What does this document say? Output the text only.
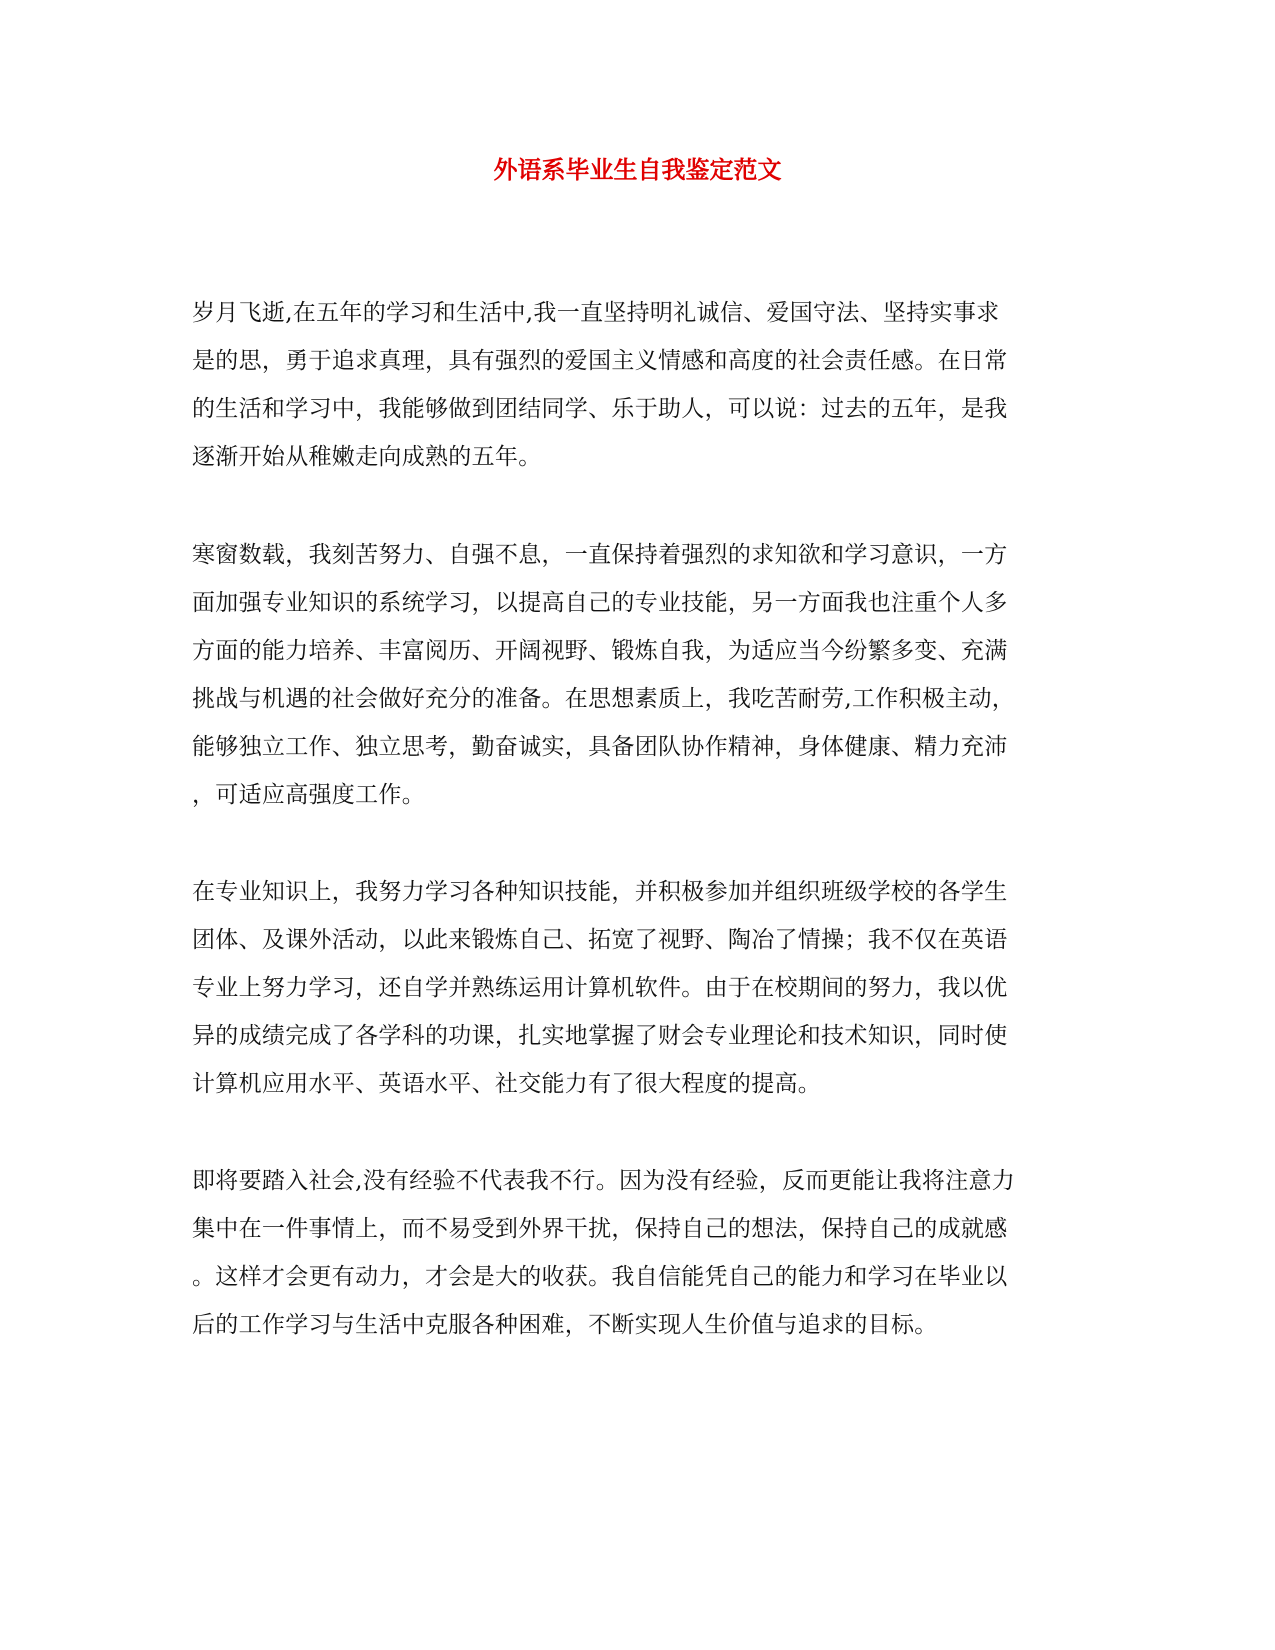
外语系毕业生自我鉴定范文
岁月飞逝,在五年的学习和生活中,我一直坚持明礼诚信、爱国守法、坚持实事求
是的思，勇于追求真理，具有强烈的爱国主义情感和高度的社会责任感。在日常
的生活和学习中，我能够做到团结同学、乐于助人，可以说：过去的五年，是我
逐渐开始从稚嫩走向成熟的五年。
寒窗数载，我刻苦努力、自强不息，一直保持着强烈的求知欲和学习意识，一方
面加强专业知识的系统学习，以提高自己的专业技能，另一方面我也注重个人多
方面的能力培养、丰富阅历、开阔视野、锻炼自我，为适应当今纷繁多变、充满
挑战与机遇的社会做好充分的准备。在思想素质上，我吃苦耐劳,工作积极主动，
能够独立工作、独立思考，勤奋诚实，具备团队协作精神，身体健康、精力充沛
，可适应高强度工作。
在专业知识上，我努力学习各种知识技能，并积极参加并组织班级学校的各学生
团体、及课外活动，以此来锻炼自己、拓宽了视野、陶冶了情操；我不仅在英语
专业上努力学习，还自学并熟练运用计算机软件。由于在校期间的努力，我以优
异的成绩完成了各学科的功课，扎实地掌握了财会专业理论和技术知识，同时使
计算机应用水平、英语水平、社交能力有了很大程度的提高。
即将要踏入社会,没有经验不代表我不行。因为没有经验，反而更能让我将注意力
集中在一件事情上，而不易受到外界干扰，保持自己的想法，保持自己的成就感
。这样才会更有动力，才会是大的收获。我自信能凭自己的能力和学习在毕业以
后的工作学习与生活中克服各种困难，不断实现人生价值与追求的目标。
